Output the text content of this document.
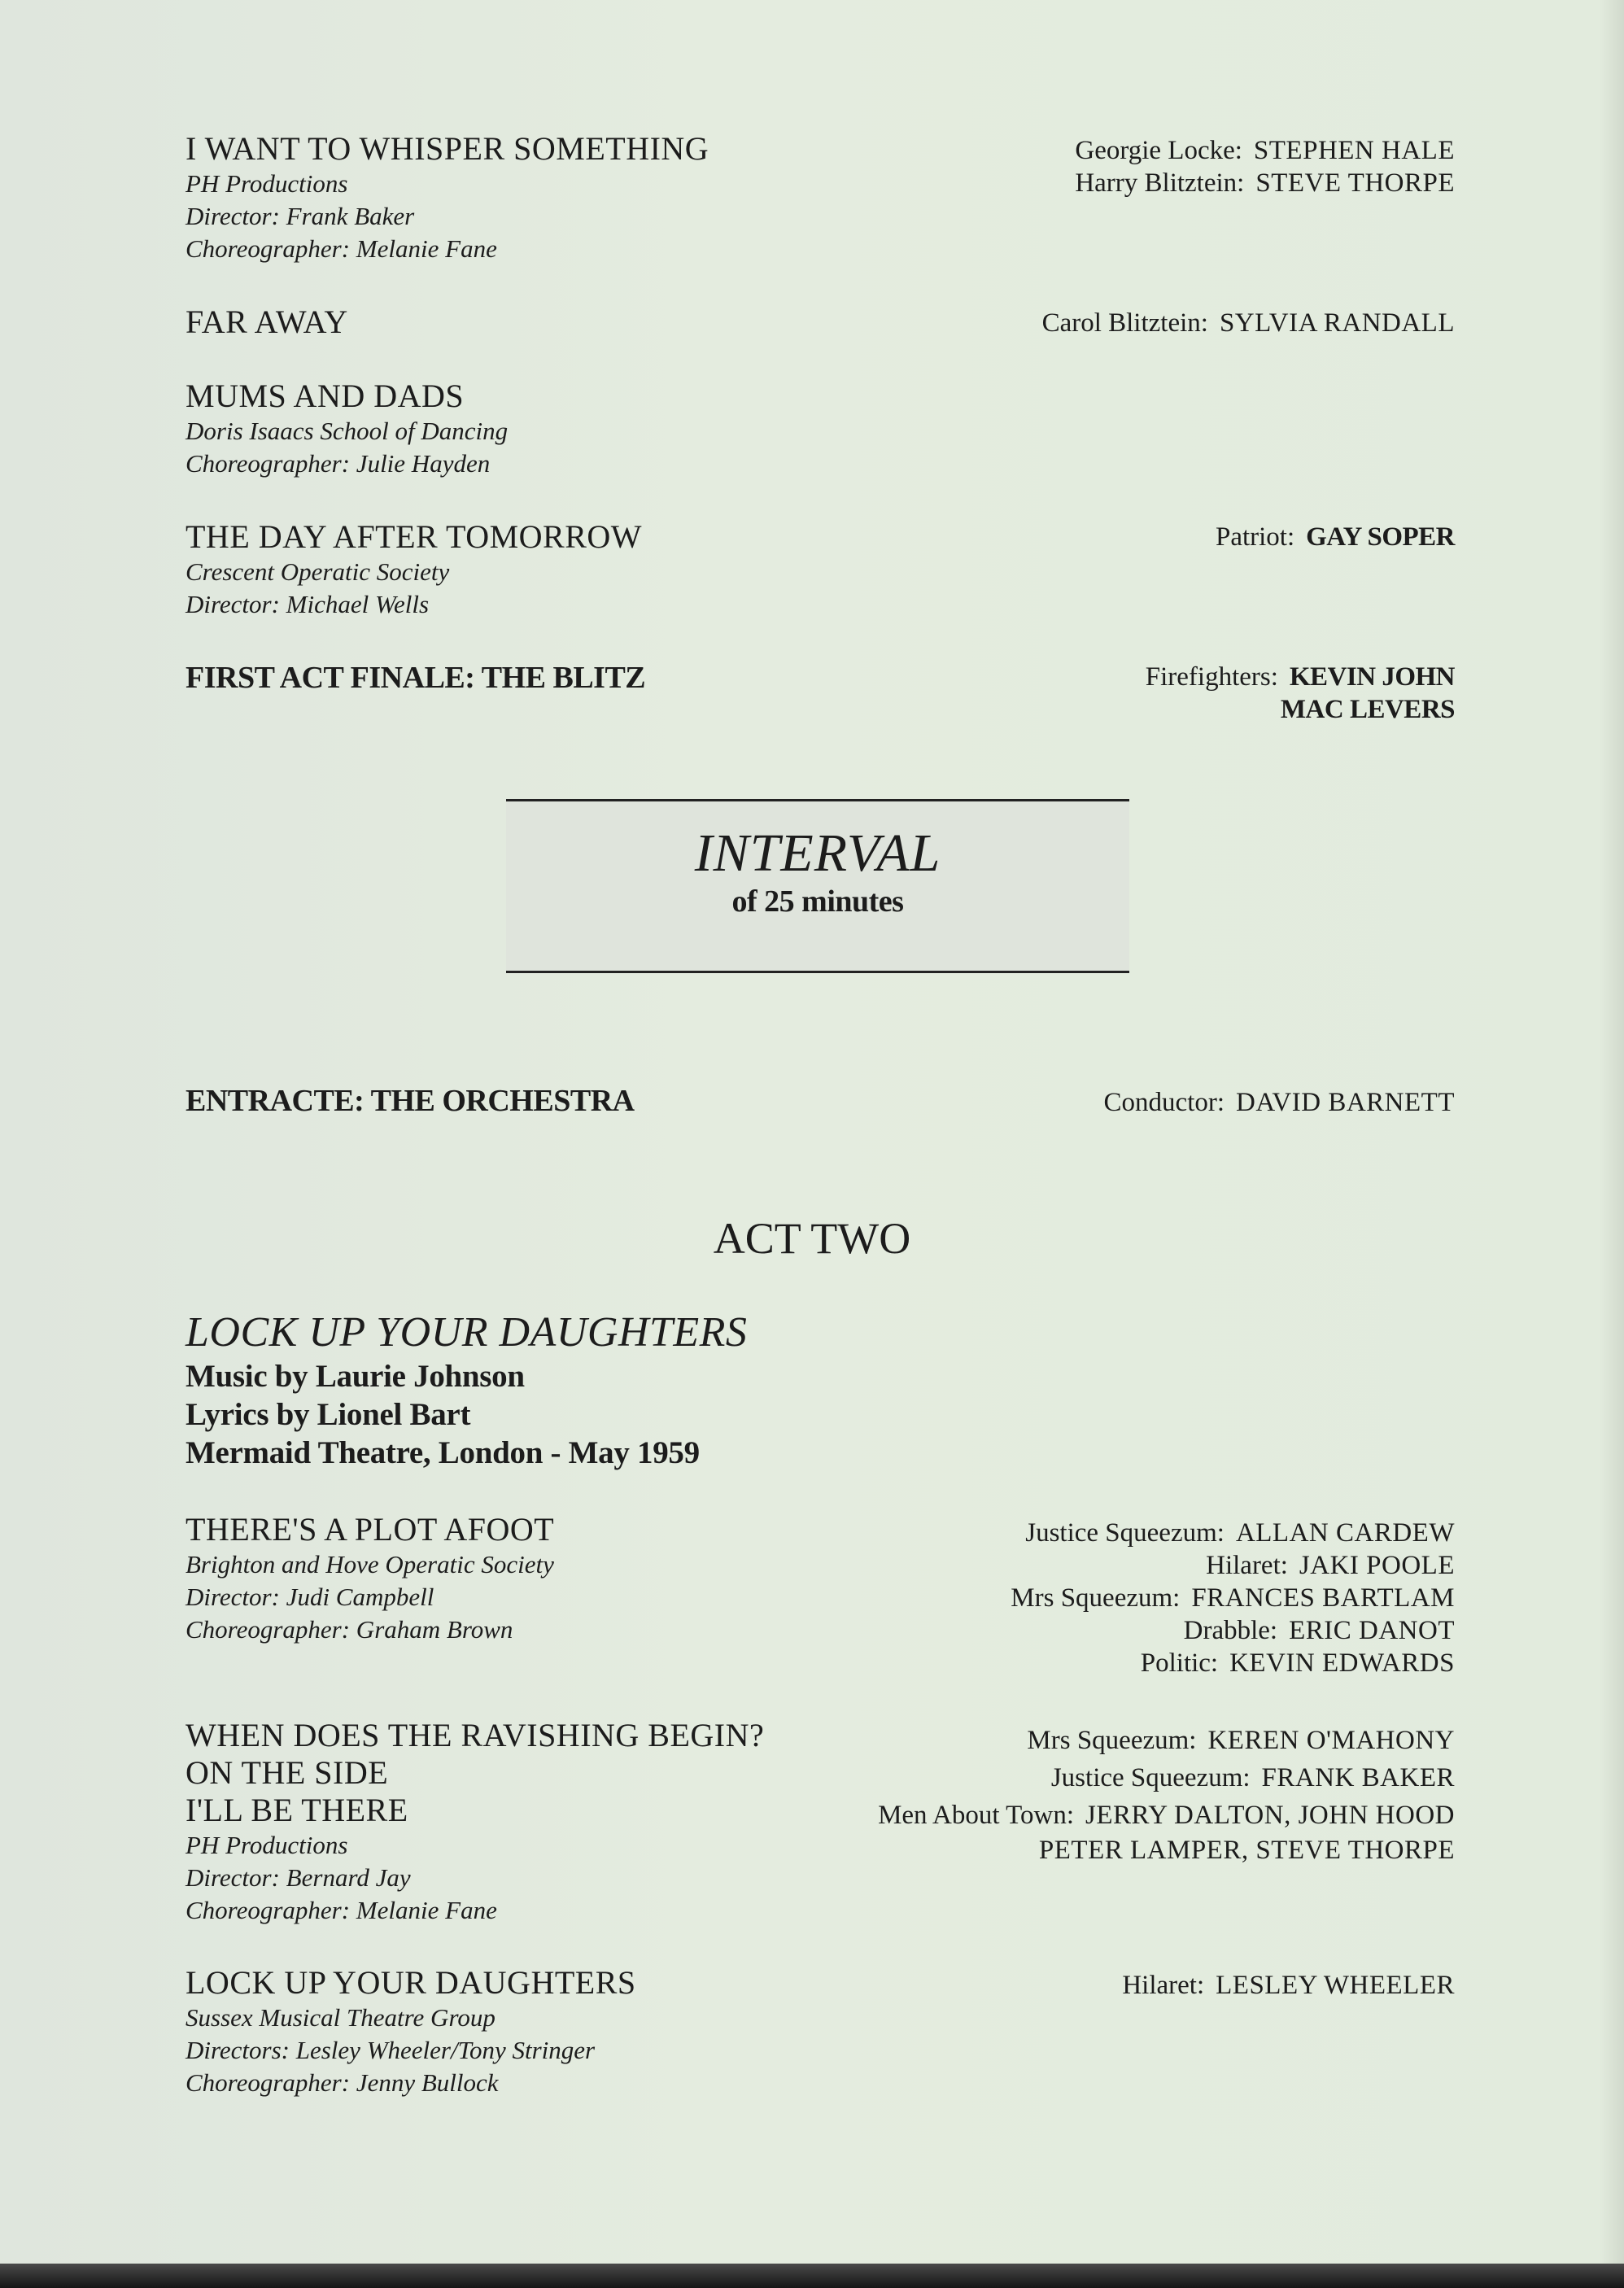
I WANT TO WHISPER SOMETHING
PH Productions
Director: Frank Baker
Choreographer: Melanie Fane
Georgie Locke: STEPHEN HALE
Harry Blitztein: STEVE THORPE
FAR AWAY	Carol Blitztein: SYLVIA RANDALL
MUMS AND DADS
Doris Isaacs School of Dancing
Choreographer: Julie Hayden
THE DAY AFTER TOMORROW
Crescent Operatic Society
Director: Michael Wells
Patriot: GAY SOPER
FIRST ACT FINALE: THE BLITZ	Firefighters: KEVIN JOHN
MAC LEVERS
INTERVAL
of 25 minutes
ENTRACTE: THE ORCHESTRA	Conductor: DAVID BARNETT
ACT TWO
LOCK UP YOUR DAUGHTERS
Music by Laurie Johnson
Lyrics by Lionel Bart
Mermaid Theatre, London - May 1959
THERE'S A PLOT AFOOT
Brighton and Hove Operatic Society
Director: Judi Campbell
Choreographer: Graham Brown
Justice Squeezum: ALLAN CARDEW
Hilaret: JAKI POOLE
Mrs Squeezum: FRANCES BARTLAM
Drabble: ERIC DANOT
Politic: KEVIN EDWARDS
WHEN DOES THE RAVISHING BEGIN?
ON THE SIDE
I'LL BE THERE
PH Productions
Director: Bernard Jay
Choreographer: Melanie Fane
Mrs Squeezum: KEREN O'MAHONY
Justice Squeezum: FRANK BAKER
Men About Town: JERRY DALTON, JOHN HOOD
PETER LAMPER, STEVE THORPE
LOCK UP YOUR DAUGHTERS
Sussex Musical Theatre Group
Directors: Lesley Wheeler/Tony Stringer
Choreographer: Jenny Bullock
Hilaret: LESLEY WHEELER
